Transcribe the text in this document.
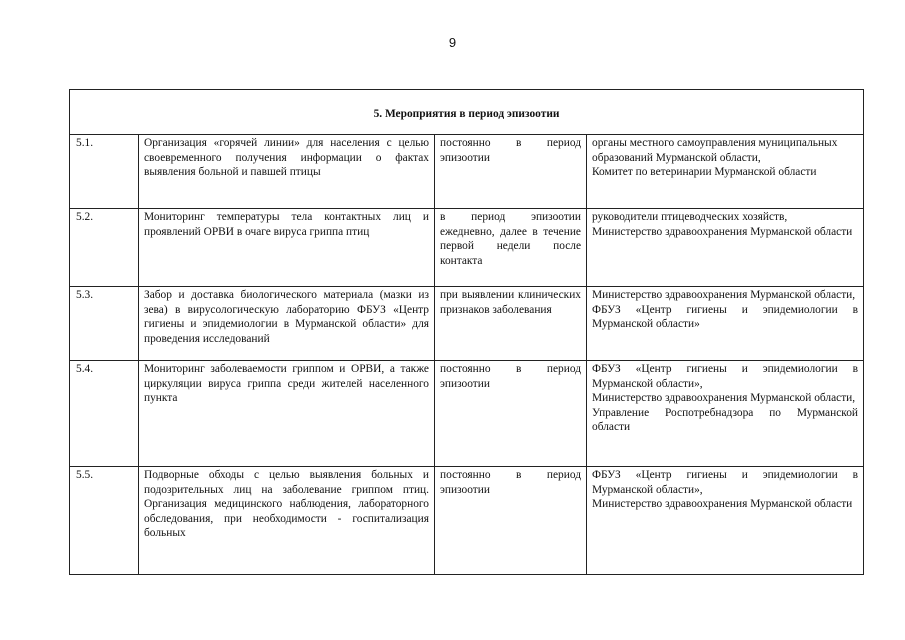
9
5. Мероприятия в период эпизоотии			
5.1.	Организация «горячей линии» для населения с целью своевременного получения информации о фактах выявления больной и павшей птицы	постоянно в период эпизоотии	органы местного самоуправления муниципальных образований Мурманской области,
Комитет по ветеринарии Мурманской области

5.2.	Мониторинг температуры тела контактных лиц и проявлений ОРВИ в очаге вируса гриппа птиц	в период эпизоотии ежедневно, далее в течение первой недели после контакта	руководители птицеводческих хозяйств,
Министерство здравоохранения Мурманской области

5.3.	Забор и доставка биологического материала (мазки из зева) в вирусологическую лабораторию ФБУЗ «Центр гигиены и эпидемиологии в Мурманской области» для проведения исследований	при выявлении клинических признаков заболевания	Министерство здравоохранения Мурманской области,
ФБУЗ «Центр гигиены и эпидемиологии в Мурманской области»

5.4.	Мониторинг заболеваемости гриппом и ОРВИ, а также циркуляции вируса гриппа среди жителей населенного пункта	постоянно в период эпизоотии	ФБУЗ «Центр гигиены и эпидемиологии в Мурманской области»,
Министерство здравоохранения Мурманской области,
Управление Роспотребнадзора по Мурманской области

5.5.	Подворные обходы с целью выявления больных и подозрительных лиц на заболевание гриппом птиц. Организация медицинского наблюдения, лабораторного обследования, при необходимости - госпитализация больных	постоянно в период эпизоотии	ФБУЗ «Центр гигиены и эпидемиологии в Мурманской области»,
Министерство здравоохранения Мурманской области
